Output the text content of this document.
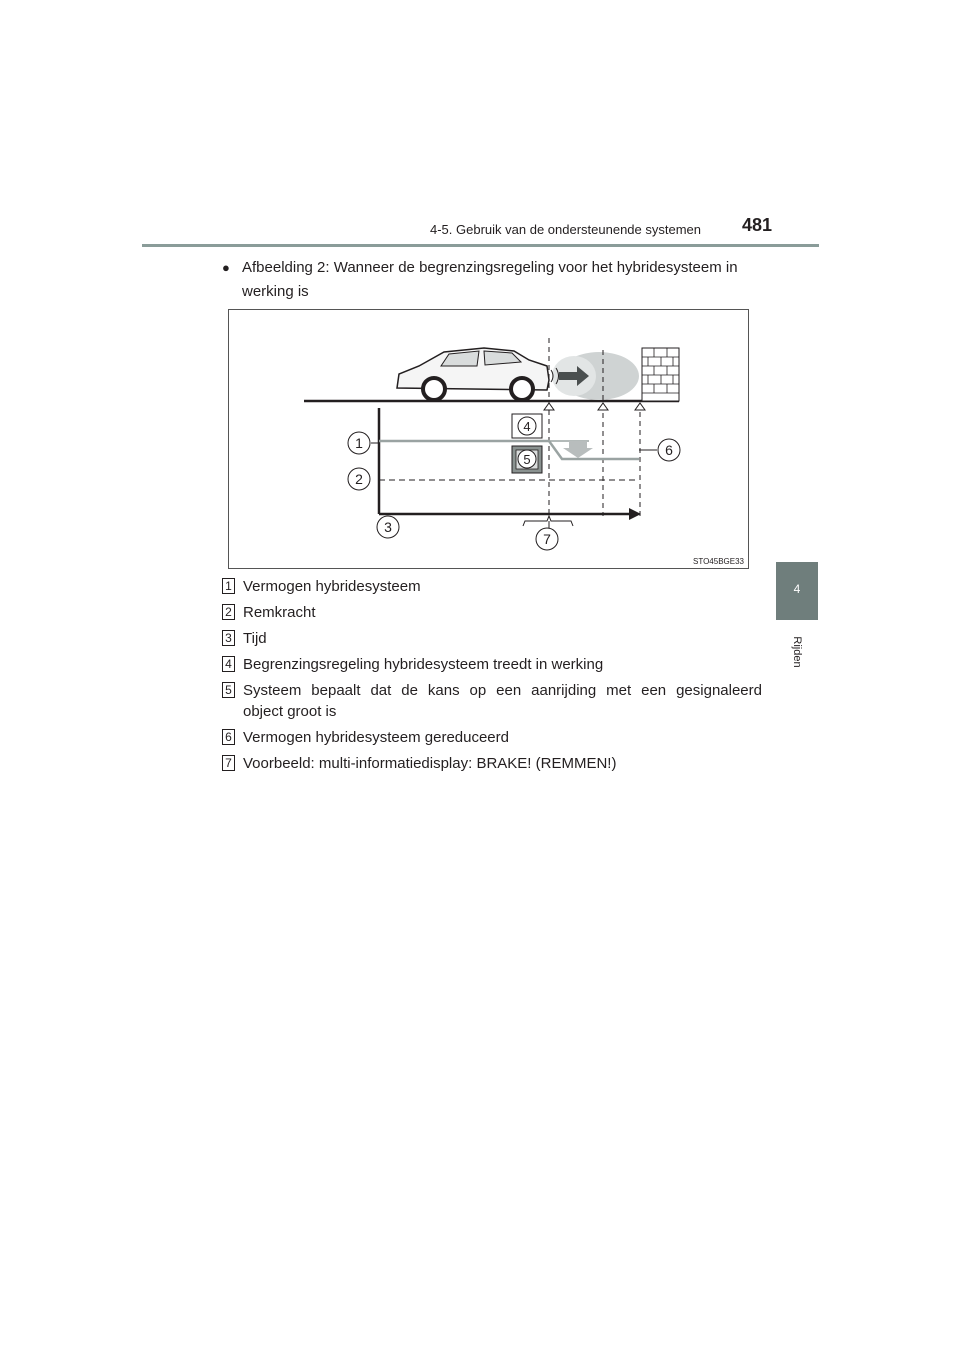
4-5. Gebruik van de ondersteunende systemen 481
4
Rijden
● Afbeelding 2: Wanneer de begrenzingsregeling voor het hybridesysteem in werking is
1
2
3
4
5
6
7
STO45BGE33
1 Vermogen hybridesysteem
2 Remkracht
3 Tijd
4 Begrenzingsregeling hybridesysteem treedt in werking
5 Systeem bepaalt dat de kans op een aanrijding met een gesignaleerd
object groot is
6 Vermogen hybridesysteem gereduceerd
7 Voorbeeld: multi-informatiedisplay: BRAKE! (REMMEN!)
